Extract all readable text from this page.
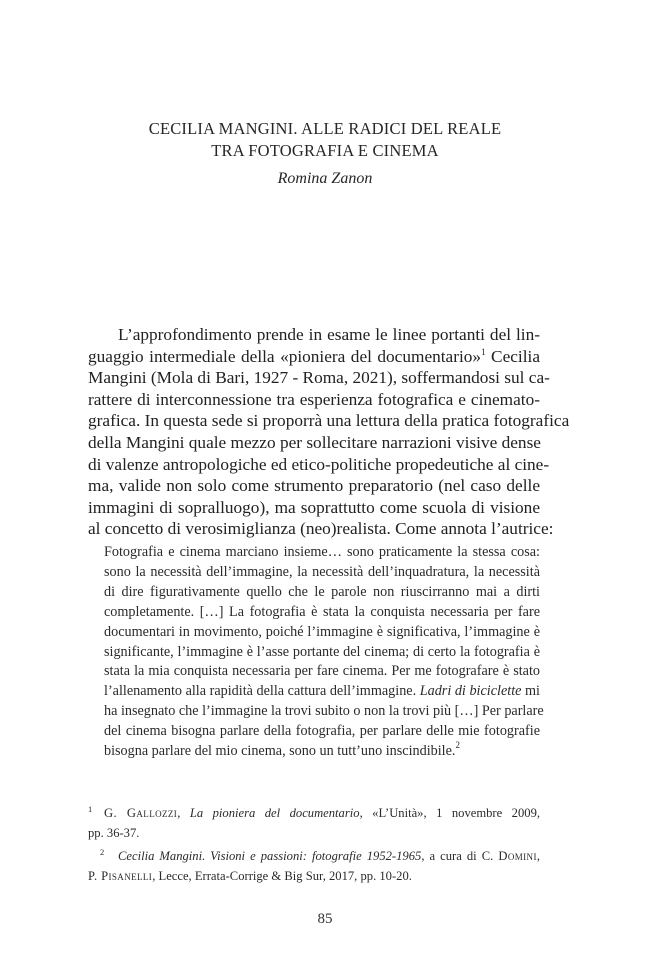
CECILIA MANGINI. ALLE RADICI DEL REALE
TRA FOTOGRAFIA E CINEMA
Romina Zanon
L’approfondimento prende in esame le linee portanti del lin-
guaggio intermediale della «pioniera del documentario»$^1$ Cecilia
Mangini (Mola di Bari, 1927 - Roma, 2021), soffermandosi sul ca-
rattere di interconnessione tra esperienza fotografica e cinemato-
grafica. In questa sede si proporrà una lettura della pratica fotografica
della Mangini quale mezzo per sollecitare narrazioni visive dense
di valenze antropologiche ed etico-politiche propedeutiche al cine-
ma, valide non solo come strumento preparatorio (nel caso delle
immagini di sopralluogo), ma soprattutto come scuola di visione
al concetto di verosimiglianza (neo)realista. Come annota l’autrice:
Fotografia e cinema marciano insieme… sono praticamente la stessa cosa:
sono la necessità dell’immagine, la necessità dell’inquadratura, la necessità
di dire figurativamente quello che le parole non riuscirranno mai a dirti
completamente. […] La fotografia è stata la conquista necessaria per fare
documentari in movimento, poiché l’immagine è significativa, l’immagine è
significante, l’immagine è l’asse portante del cinema; di certo la fotografia è
stata la mia conquista necessaria per fare cinema. Per me fotografare è stato
l’allenamento alla rapidità della cattura dell’immagine. Ladri di biciclette mi
ha insegnato che l’immagine la trovi subito o non la trovi più […] Per parlare
del cinema bisogna parlare della fotografia, per parlare delle mie fotografie
bisogna parlare del mio cinema, sono un tutt’uno inscindibile.$^2$
1 G. Gallozzi, La pioniera del documentario, «L’Unità», 1 novembre 2009,
pp. 36-37.
2 Cecilia Mangini. Visioni e passioni: fotografie 1952-1965, a cura di C. Domini,
P. Pisanelli, Lecce, Errata-Corrige & Big Sur, 2017, pp. 10-20.
85
